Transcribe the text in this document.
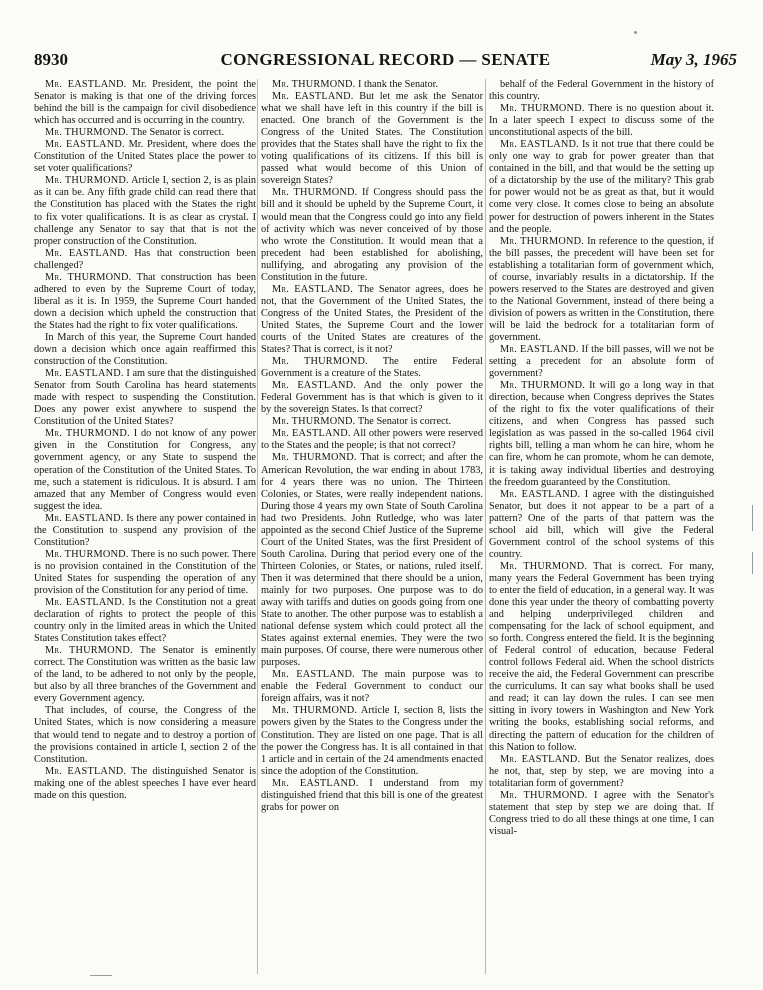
8930	CONGRESSIONAL RECORD — SENATE	May 3, 1965

Mr. EASTLAND. Mr. President, the point the Senator is making is that one of the driving forces behind the bill is the campaign for civil disobedience which has occurred and is occurring in the country.

Mr. THURMOND. The Senator is correct.

Mr. EASTLAND. Mr. President, where does the Constitution of the United States place the power to set voter qualifications?

Mr. THURMOND. Article I, section 2, is as plain as it can be. Any fifth grade child can read there that the Constitution has placed with the States the right to fix voter qualifications. It is as clear as crystal. I challenge any Senator to say that that is not the proper construction of the Constitution.

Mr. EASTLAND. Has that construction been challenged?

Mr. THURMOND. That construction has been adhered to even by the Supreme Court of today, liberal as it is. In 1959, the Supreme Court handed down a decision which upheld the construction that the States had the right to fix voter qualifications.

In March of this year, the Supreme Court handed down a decision which once again reaffirmed this construction of the Constitution.

Mr. EASTLAND. I am sure that the distinguished Senator from South Carolina has heard statements made with respect to suspending the Constitution. Does any power exist anywhere to suspend the Constitution of the United States?

Mr. THURMOND. I do not know of any power given in the Constitution for Congress, any government agency, or any State to suspend the operation of the Constitution of the United States. To me, such a statement is ridiculous. It is absurd. I am amazed that any Member of Congress would even suggest the idea.

Mr. EASTLAND. Is there any power contained in the Constitution to suspend any provision of the Constitution?

Mr. THURMOND. There is no such power. There is no provision contained in the Constitution of the United States for suspending the operation of any provision of the Constitution for any period of time.

Mr. EASTLAND. Is the Constitution not a great declaration of rights to protect the people of this country only in the limited areas in which the United States Constitution takes effect?

Mr. THURMOND. The Senator is eminently correct. The Constitution was written as the basic law of the land, to be adhered to not only by the people, but also by all three branches of the Government and every Government agency.

That includes, of course, the Congress of the United States, which is now considering a measure that would tend to negate and to destroy a portion of the provisions contained in article I, section 2 of the Constitution.

Mr. EASTLAND. The distinguished Senator is making one of the ablest speeches I have ever heard made on this question.

Mr. THURMOND. I thank the Senator.

Mr. EASTLAND. But let me ask the Senator what we shall have left in this country if the bill is enacted. One branch of the Government is the Congress of the United States. The Constitution provides that the States shall have the right to fix the voting qualifications of its citizens. If this bill is passed what would become of this Union of sovereign States?

Mr. THURMOND. If Congress should pass the bill and it should be upheld by the Supreme Court, it would mean that the Congress could go into any field of activity which was never conceived of by those who wrote the Constitution. It would mean that a precedent had been established for abolishing, nullifying, and abrogating any provision of the Constitution in the future.

Mr. EASTLAND. The Senator agrees, does he not, that the Government of the United States, the Congress of the United States, the President of the United States, the Supreme Court and the lower courts of the United States are creatures of the States? That is correct, is it not?

Mr. THURMOND. The entire Federal Government is a creature of the States.

Mr. EASTLAND. And the only power the Federal Government has is that which is given to it by the sovereign States. Is that correct?

Mr. THURMOND. The Senator is correct.

Mr. EASTLAND. All other powers were reserved to the States and the people; is that not correct?

Mr. THURMOND. That is correct; and after the American Revolution, the war ending in about 1783, for 4 years there was no union. The Thirteen Colonies, or States, were really independent nations. During those 4 years my own State of South Carolina had two Presidents. John Rutledge, who was later appointed as the second Chief Justice of the Supreme Court of the United States, was the first President of South Carolina. During that period every one of the Thirteen Colonies, or States, or nations, ruled itself. Then it was determined that there should be a union, mainly for two purposes. One purpose was to do away with tariffs and duties on goods going from one State to another. The other purpose was to establish a national defense system which could protect all the States against external enemies. They were the two main purposes. Of course, there were numerous other purposes.

Mr. EASTLAND. The main purpose was to enable the Federal Government to conduct our foreign affairs, was it not?

Mr. THURMOND. Article I, section 8, lists the powers given by the States to the Congress under the Constitution. They are listed on one page. That is all the power the Congress has. It is all contained in that 1 article and in certain of the 24 amendments enacted since the adoption of the Constitution.

Mr. EASTLAND. I understand from my distinguished friend that this bill is one of the greatest grabs for power on

behalf of the Federal Government in the history of this country.

Mr. THURMOND. There is no question about it. In a later speech I expect to discuss some of the unconstitutional aspects of the bill.

Mr. EASTLAND. Is it not true that there could be only one way to grab for power greater than that contained in the bill, and that would be the setting up of a dictatorship by the use of the military? This grab for power would not be as great as that, but it would come very close. It comes close to being an absolute power for destruction of powers inherent in the States and the people.

Mr. THURMOND. In reference to the question, if the bill passes, the precedent will have been set for establishing a totalitarian form of government which, of course, invariably results in a dictatorship. If the powers reserved to the States are destroyed and given to the National Government, instead of there being a division of powers as written in the Constitution, there will be laid the bedrock for a totalitarian form of government.

Mr. EASTLAND. If the bill passes, will we not be setting a precedent for an absolute form of government?

Mr. THURMOND. It will go a long way in that direction, because when Congress deprives the States of the right to fix the voter qualifications of their citizens, and when Congress has passed such legislation as was passed in the so-called 1964 civil rights bill, telling a man whom he can hire, whom he can fire, whom he can promote, whom he can demote, it is taking away individual liberties and destroying the freedom guaranteed by the Constitution.

Mr. EASTLAND. I agree with the distinguished Senator, but does it not appear to be a part of a pattern? One of the parts of that pattern was the school aid bill, which will give the Federal Government control of the school systems of this country.

Mr. THURMOND. That is correct. For many, many years the Federal Government has been trying to enter the field of education, in a general way. It was done this year under the theory of combatting poverty and helping underprivileged children and compensating for the lack of school equipment, and so forth. Congress entered the field. It is the beginning of Federal control of education, because Federal control follows Federal aid. When the school districts receive the aid, the Federal Government can prescribe the curriculums. It can say what books shall be used and read; it can lay down the rules. I can see men sitting in ivory towers in Washington and New York writing the books, establishing social reforms, and directing the pattern of education for the children of this Nation to follow.

Mr. EASTLAND. But the Senator realizes, does he not, that, step by step, we are moving into a totalitarian form of government?

Mr. THURMOND. I agree with the Senator's statement that step by step we are doing that. If Congress tried to do all these things at one time, I can visual-
